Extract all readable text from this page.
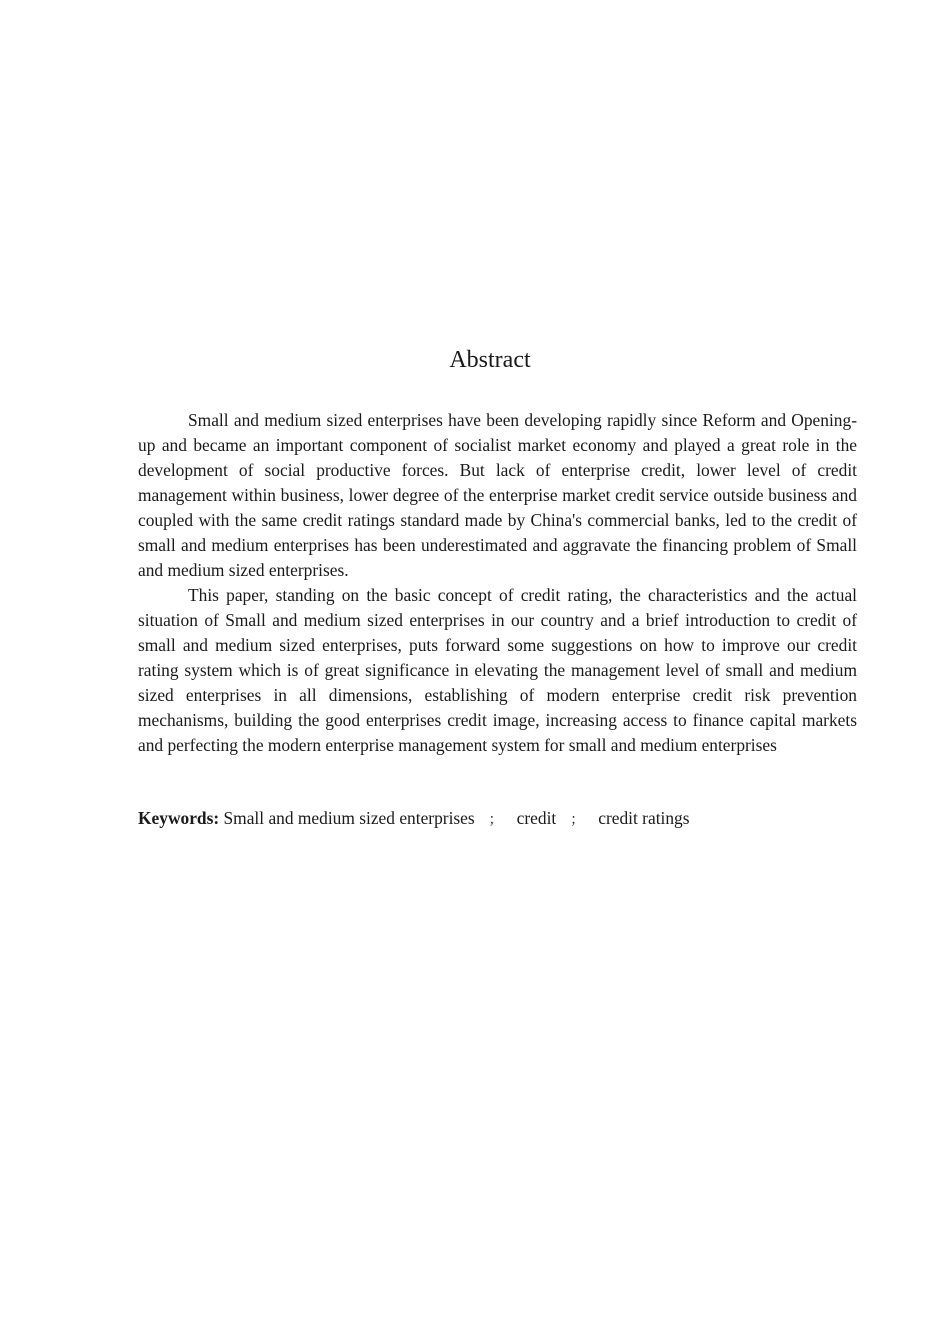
Abstract

Small and medium sized enterprises have been developing rapidly since Reform and Opening-up and became an important component of socialist market economy and played a great role in the development of social productive forces. But lack of enterprise credit, lower level of credit management within business, lower degree of the enterprise market credit service outside business and coupled with the same credit ratings standard made by China's commercial banks, led to the credit of small and medium enterprises has been underestimated and aggravate the financing problem of Small and medium sized enterprises.

This paper, standing on the basic concept of credit rating, the characteristics and the actual situation of Small and medium sized enterprises in our country and a brief introduction to credit of small and medium sized enterprises, puts forward some suggestions on how to improve our credit rating system which is of great significance in elevating the management level of small and medium sized enterprises in all dimensions, establishing of modern enterprise credit risk prevention mechanisms, building the good enterprises credit image, increasing access to finance capital markets and perfecting the modern enterprise management system for small and medium enterprises

Keywords: Small and medium sized enterprises ； credit ； credit ratings
